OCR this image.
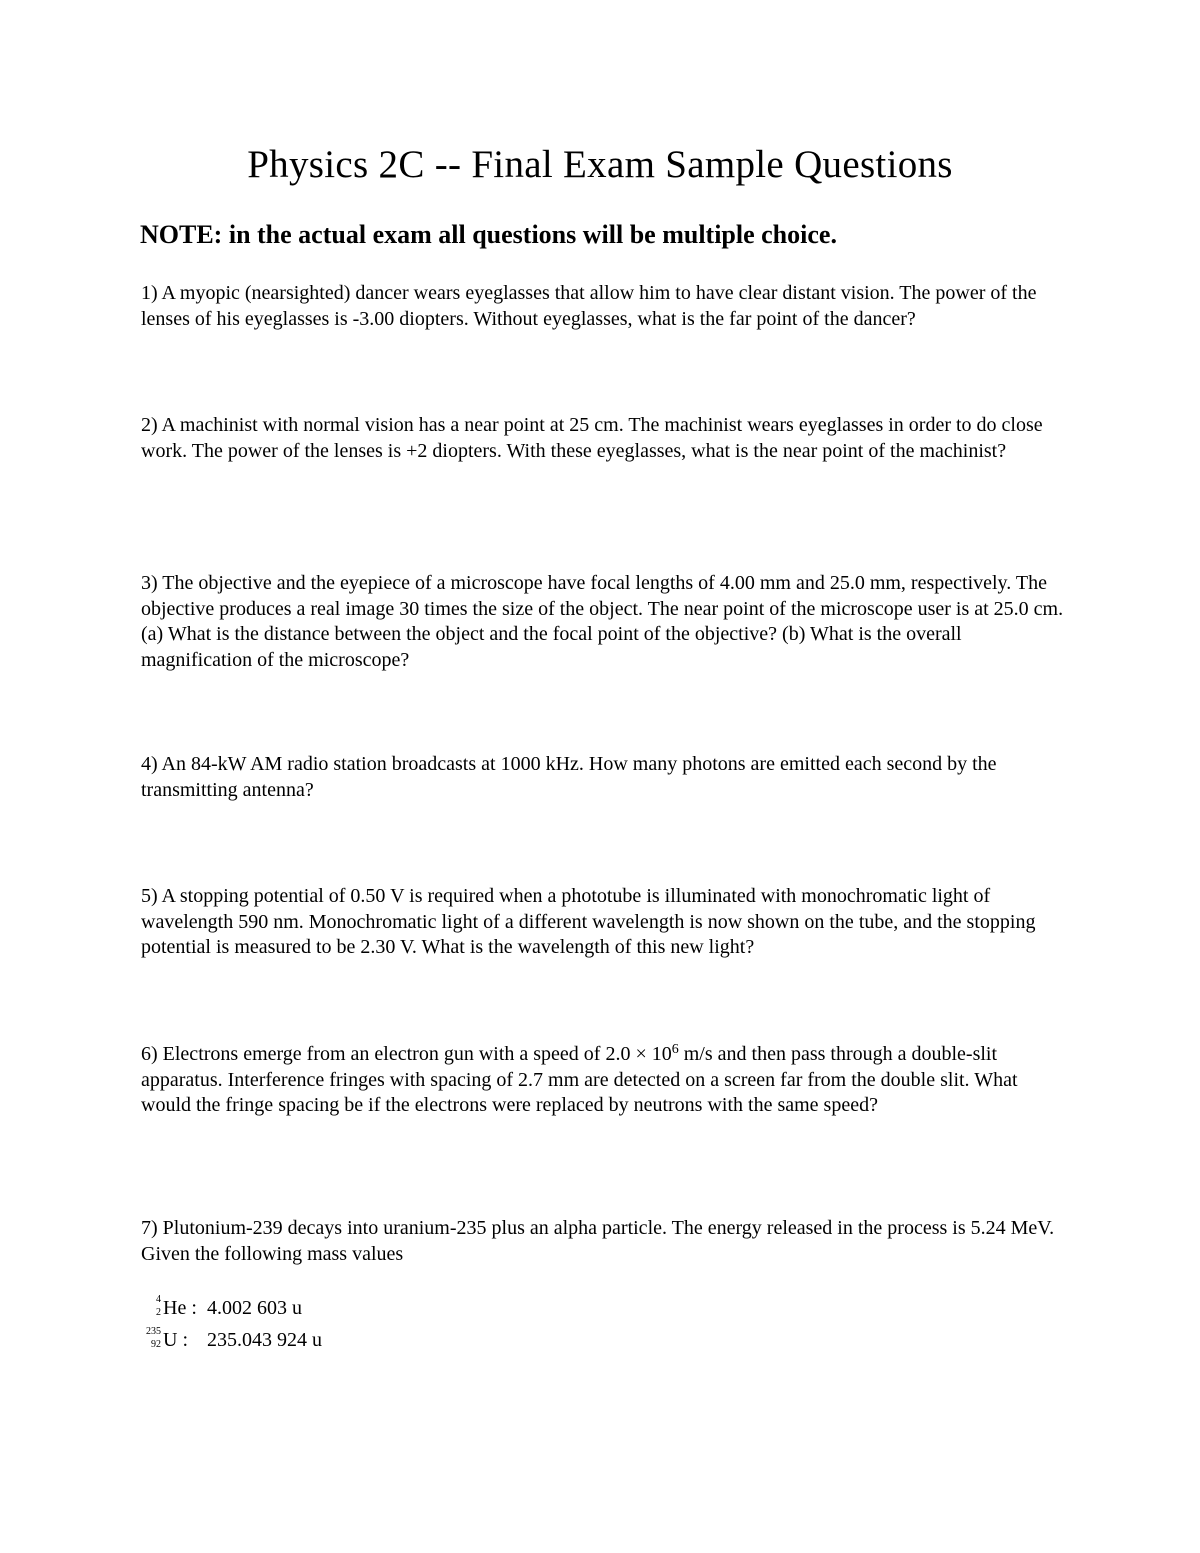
Physics 2C -- Final Exam Sample Questions
NOTE: in the actual exam all questions will be multiple choice.
1) A myopic (nearsighted) dancer wears eyeglasses that allow him to have clear distant vision. The power of the lenses of his eyeglasses is -3.00 diopters. Without eyeglasses, what is the far point of the dancer?
2) A machinist with normal vision has a near point at 25 cm. The machinist wears eyeglasses in order to do close work. The power of the lenses is +2 diopters. With these eyeglasses, what is the near point of the machinist?
3) The objective and the eyepiece of a microscope have focal lengths of 4.00 mm and 25.0 mm, respectively. The objective produces a real image 30 times the size of the object. The near point of the microscope user is at 25.0 cm. (a) What is the distance between the object and the focal point of the objective? (b) What is the overall magnification of the microscope?
4) An 84-kW AM radio station broadcasts at 1000 kHz. How many photons are emitted each second by the transmitting antenna?
5) A stopping potential of 0.50 V is required when a phototube is illuminated with monochromatic light of wavelength 590 nm. Monochromatic light of a different wavelength is now shown on the tube, and the stopping potential is measured to be 2.30 V. What is the wavelength of this new light?
6) Electrons emerge from an electron gun with a speed of $2.0 \times 10^6$ m/s and then pass through a double-slit apparatus. Interference fringes with spacing of 2.7 mm are detected on a screen far from the double slit. What would the fringe spacing be if the electrons were replaced by neutrons with the same speed?
7) Plutonium-239 decays into uranium-235 plus an alpha particle. The energy released in the process is 5.24 MeV. Given the following mass values
4
2 He : 4.002 603 u
235
92 U : 235.043 924 u
